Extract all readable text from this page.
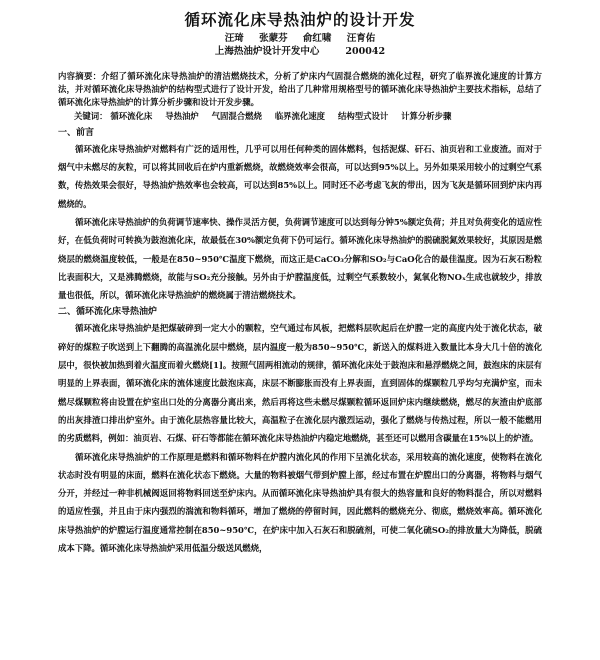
循环流化床导热油炉的设计开发

汪琦 张蒙芬 俞红啸 汪育佑

上海热油炉设计开发中心	200042

内容摘要：介绍了循环流化床导热油炉的清洁燃烧技术，分析了炉床内气固混合燃烧的流化过程，研究了临界流化速度的计算方法，并对循环流化床导热油炉的结构型式进行了设计开发，给出了几种常用规格型号的循环流化床导热油炉主要技术指标，总结了循环流化床导热油炉的计算分析步骤和设计开发步骤。

关键词： 循环流化床 导热油炉 气固混合燃烧 临界流化速度 结构型式设计 计算分析步骤

一、前言

循环流化床导热油炉对燃料有广泛的适用性，几乎可以用任何种类的固体燃料，包括泥煤、矸石、油页岩和工业废渣。而对于烟气中未燃尽的灰粒，可以将其回收后在炉内重新燃烧，故燃烧效率会很高，可以达到95%以上。另外如果采用较小的过剩空气系数，传热效果会很好，导热油炉热效率也会较高，可以达到85%以上。同时还不必考虑飞灰的带出，因为飞灰是循环回到炉床内再燃烧的。

循环流化床导热油炉的负荷调节速率快、操作灵活方便，负荷调节速度可以达到每分钟5%额定负荷；并且对负荷变化的适应性好，在低负荷时可转换为鼓泡流化床，故最低在30%额定负荷下仍可运行。循环流化床导热油炉的脱硫脱氮效果较好，其原因是燃烧层的燃烧温度较低，一般是在850~950℃温度下燃烧，而这正是CaCO₃分解和SO₂与CaO化合的最佳温度。因为石灰石粉粒比表面积大，又是沸腾燃烧，故能与SO₂充分接触。另外由于炉膛温度低，过剩空气系数较小，氮氧化物NOₓ生成也就较少，排放量也很低，所以，循环流化床导热油炉的燃烧属于清洁燃烧技术。

二、循环流化床导热油炉

循环流化床导热油炉是把煤破碎到一定大小的颗粒，空气通过布风板，把燃料层吹起后在炉膛一定的高度内处于流化状态，破碎好的煤粒子吹送到上下翻腾的高温流化层中燃烧，层内温度一般为850~950℃，新送入的煤料进入数量比本身大几十倍的流化层中，很快被加热到着火温度而着火燃烧[1]。按照气固两相流动的规律，循环流化床处于鼓泡床和悬浮燃烧之间，鼓泡床的床层有明显的上界表面，循环流化床的流体速度比鼓泡床高，床层不断膨胀而没有上界表面，直到固体的煤颗粒几乎均匀充满炉室，而未燃尽煤颗粒将由设置在炉室出口处的分离器分离出来，然后再将这些未燃尽煤颗粒循环返回炉床内继续燃烧，燃尽的灰渣由炉底部的出灰排渣口排出炉室外。由于流化层热容量比较大，高温粒子在流化层内激烈运动，强化了燃烧与传热过程，所以一般不能燃用的劣质燃料，例如：油页岩、石煤、矸石等都能在循环流化床导热油炉内稳定地燃烧，甚至还可以燃用含碳量在15%以上的炉渣。

循环流化床导热油炉的工作原理是燃料和循环物料在炉膛内流化风的作用下呈流化状态，采用较高的流化速度，使物料在流化状态时没有明显的床面，燃料在流化状态下燃烧。大量的物料被烟气带到炉膛上部，经过布置在炉膛出口的分离器，将物料与烟气分开，并经过一种非机械阀返回将物料回送至炉床内。从而循环流化床导热油炉具有很大的热容量和良好的物料混合，所以对燃料的适应性强，并且由于床内强烈的湍流和物料循环，增加了燃烧的停留时间，因此燃料的燃烧充分、彻底，燃烧效率高。循环流化床导热油炉的炉膛运行温度通常控制在850~950℃，在炉床中加入石灰石和脱硫剂，可使二氧化硫SO₂的排放量大为降低，脱硫成本下降。循环流化床导热油炉采用低温分级送风燃烧，
